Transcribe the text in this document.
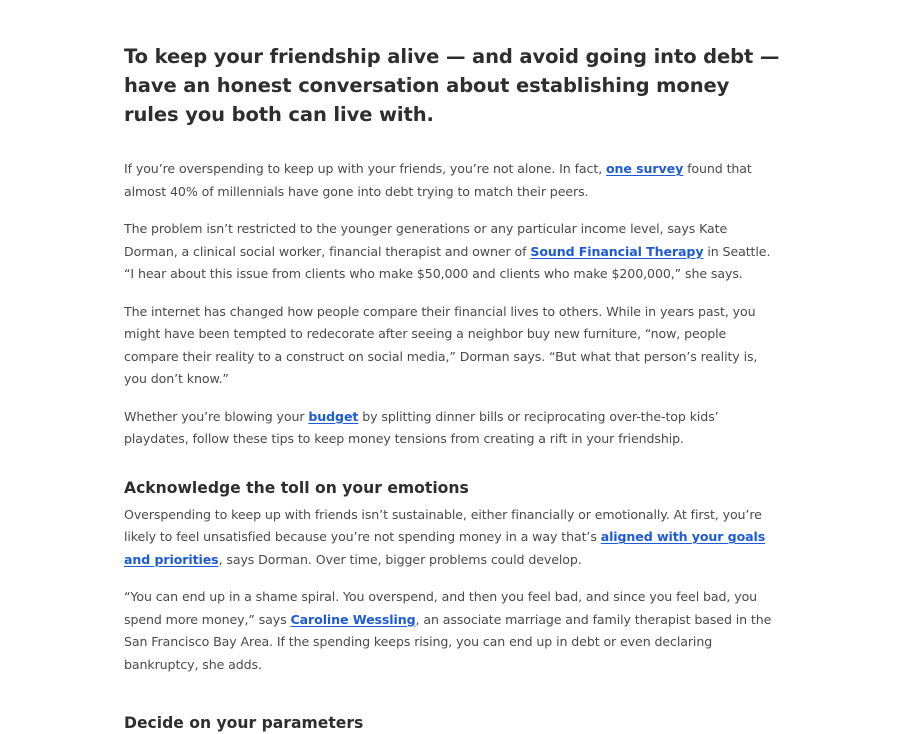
To keep your friendship alive — and avoid going into debt — have an honest conversation about establishing money rules you both can live with.

If you’re overspending to keep up with your friends, you’re not alone. In fact, one survey found that almost 40% of millennials have gone into debt trying to match their peers.

The problem isn’t restricted to the younger generations or any particular income level, says Kate Dorman, a clinical social worker, financial therapist and owner of Sound Financial Therapy in Seattle. “I hear about this issue from clients who make $50,000 and clients who make $200,000,” she says.

The internet has changed how people compare their financial lives to others. While in years past, you might have been tempted to redecorate after seeing a neighbor buy new furniture, “now, people compare their reality to a construct on social media,” Dorman says. “But what that person’s reality is, you don’t know.”

Whether you’re blowing your budget by splitting dinner bills or reciprocating over-the-top kids’ playdates, follow these tips to keep money tensions from creating a rift in your friendship.

Acknowledge the toll on your emotions

Overspending to keep up with friends isn’t sustainable, either financially or emotionally. At first, you’re likely to feel unsatisfied because you’re not spending money in a way that’s aligned with your goals and priorities, says Dorman. Over time, bigger problems could develop.

“You can end up in a shame spiral. You overspend, and then you feel bad, and since you feel bad, you spend more money,” says Caroline Wessling, an associate marriage and family therapist based in the San Francisco Bay Area. If the spending keeps rising, you can end up in debt or even declaring bankruptcy, she adds.

Decide on your parameters
